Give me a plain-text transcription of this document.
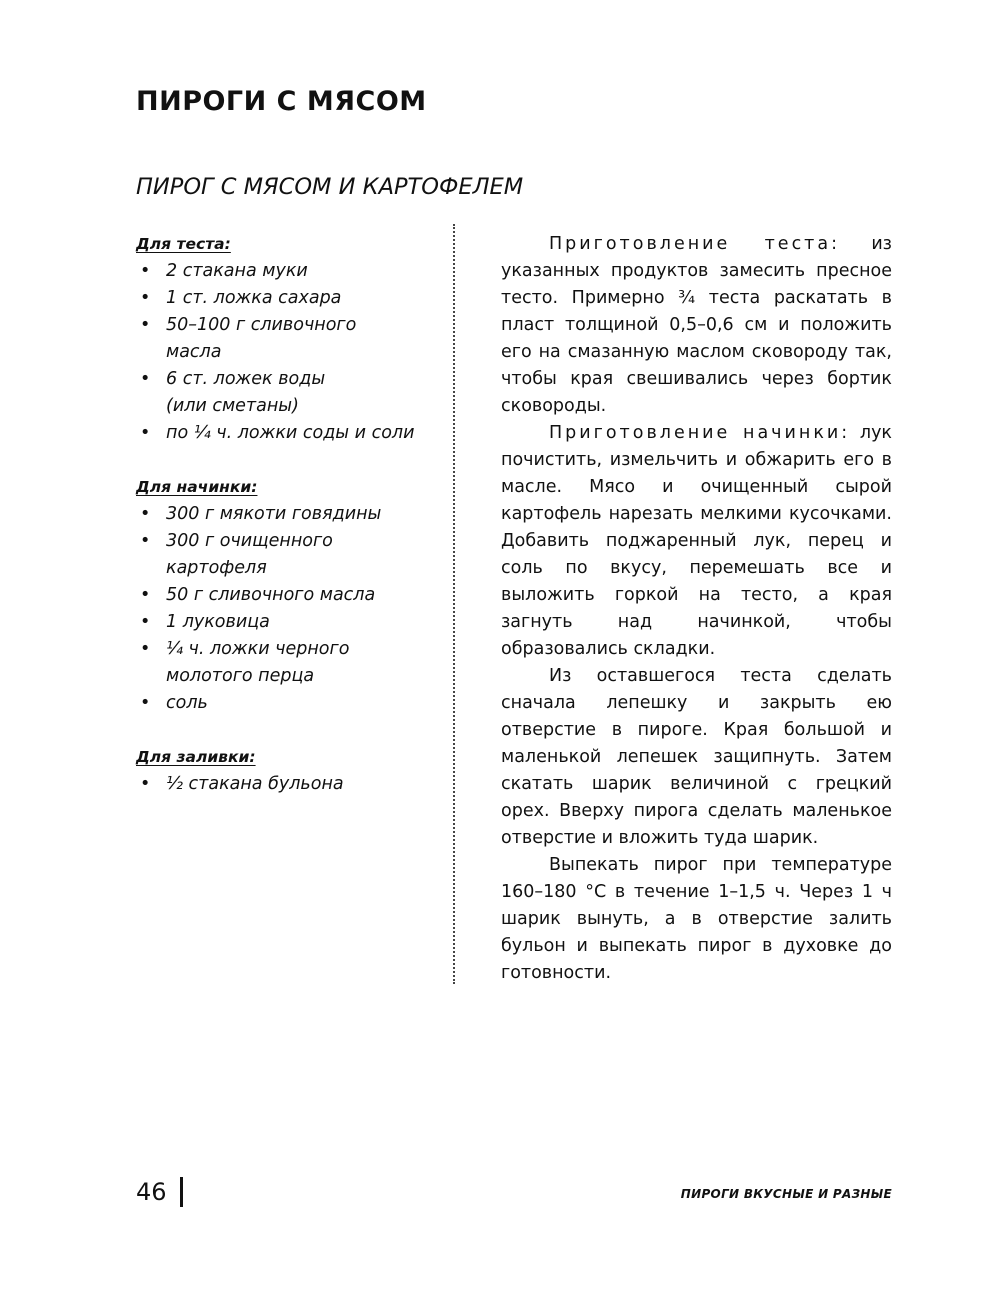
ПИРОГИ С МЯСОМ
ПИРОГ С МЯСОМ И КАРТОФЕЛЕМ

Для теста:

• 2 стакана муки
• 1 ст. ложка сахара
• 50–100 г сливочного масла
• 6 ст. ложек воды (или сметаны)
• по ¼ ч. ложки соды и соли

Для начинки:

• 300 г мякоти говядины
• 300 г очищенного картофеля
• 50 г сливочного масла
• 1 луковица
• ¼ ч. ложки черного молотого перца
• соль

Для заливки:

• ½ стакана бульона

Приготовление теста: из указанных продуктов замесить пресное тесто. Примерно ¾ теста раскатать в пласт толщиной 0,5–0,6 см и положить его на смазанную маслом сковороду так, чтобы края свешивались через бортик сковороды.

Приготовление начинки: лук почистить, измельчить и обжарить его в масле. Мясо и очищенный сырой картофель нарезать мелкими кусочками. Добавить поджаренный лук, перец и соль по вкусу, перемешать все и выложить горкой на тесто, а края загнуть над начинкой, чтобы образовались складки.

Из оставшегося теста сделать сначала лепешку и закрыть ею отверстие в пироге. Края большой и маленькой лепешек защипнуть. Затем скатать шарик величиной с грецкий орех. Вверху пирога сделать маленькое отверстие и вложить туда шарик.

Выпекать пирог при температуре 160–180 °С в течение 1–1,5 ч. Через 1 ч шарик вынуть, а в отверстие залить бульон и выпекать пирог в духовке до готовности.

46	ПИРОГИ ВКУСНЫЕ И РАЗНЫЕ
